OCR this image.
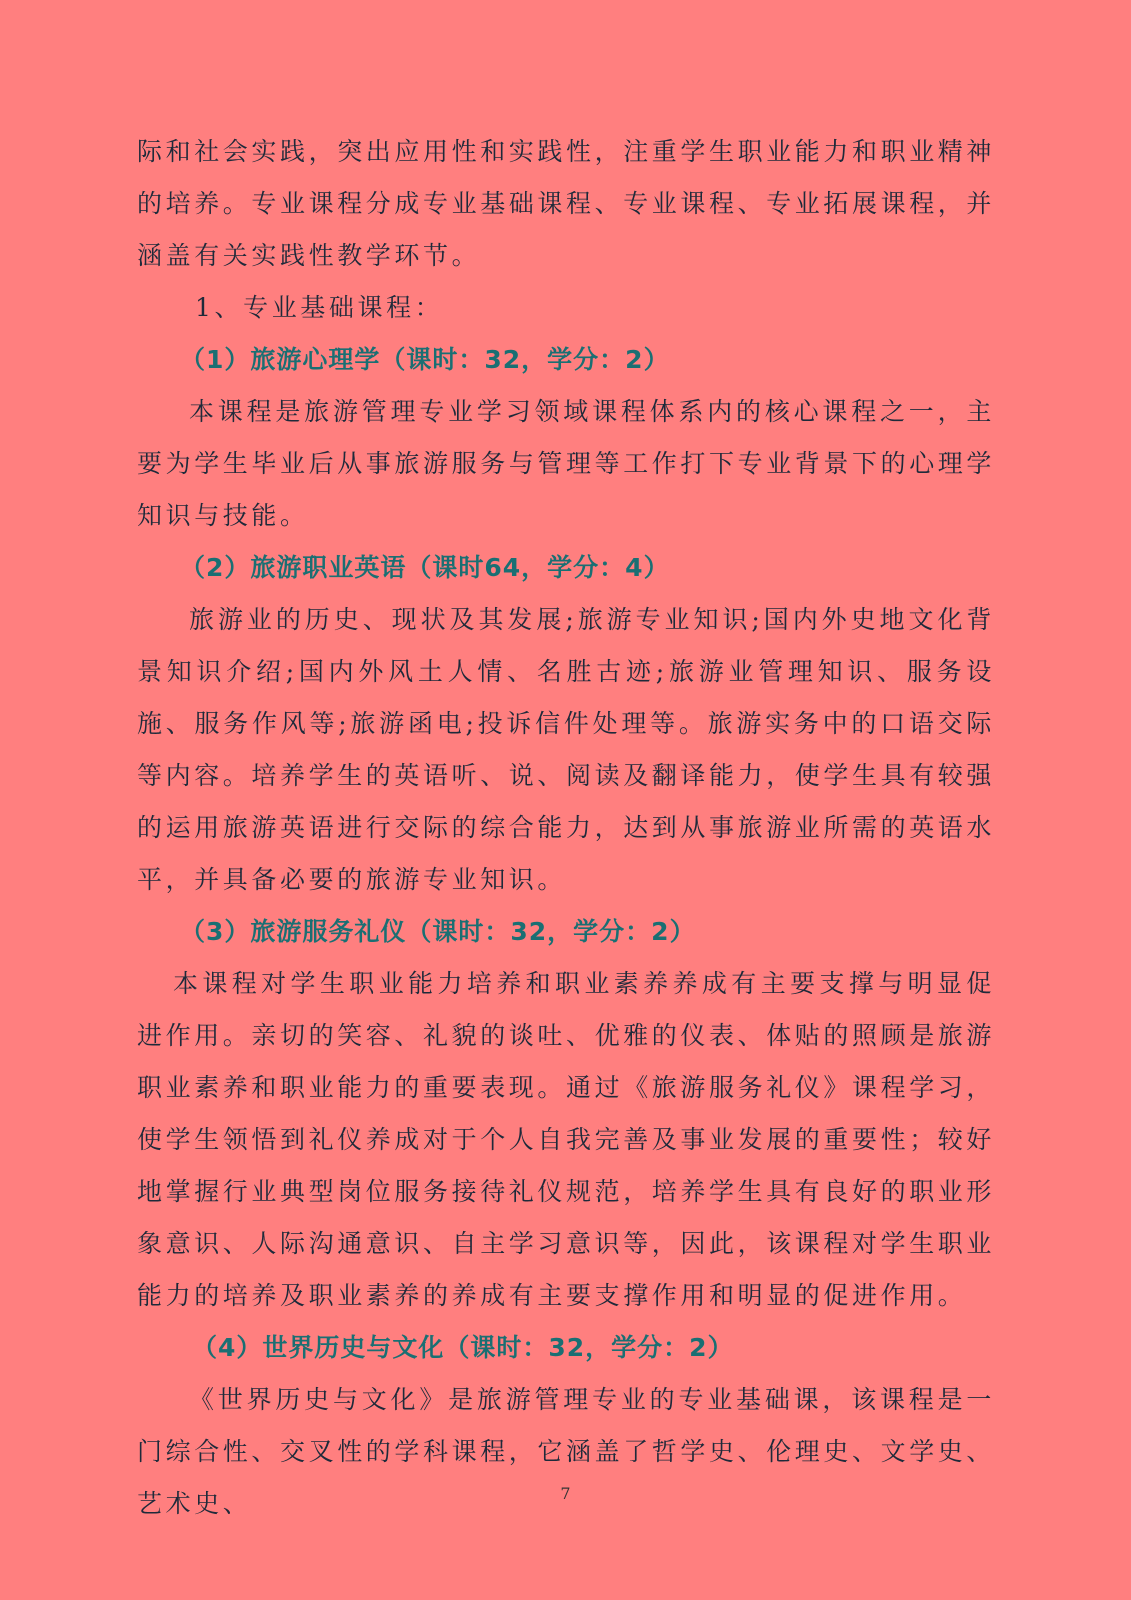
际和社会实践，突出应用性和实践性，注重学生职业能力和职业精神的培养。专业课程分成专业基础课程、专业课程、专业拓展课程，并涵盖有关实践性教学环节。

1、专业基础课程：

（1）旅游心理学（课时：32，学分：2）

本课程是旅游管理专业学习领域课程体系内的核心课程之一，主要为学生毕业后从事旅游服务与管理等工作打下专业背景下的心理学知识与技能。

（2）旅游职业英语（课时64，学分：4）

旅游业的历史、现状及其发展;旅游专业知识;国内外史地文化背景知识介绍;国内外风土人情、名胜古迹;旅游业管理知识、服务设施、服务作风等;旅游函电;投诉信件处理等。旅游实务中的口语交际等内容。培养学生的英语听、说、阅读及翻译能力，使学生具有较强的运用旅游英语进行交际的综合能力，达到从事旅游业所需的英语水平，并具备必要的旅游专业知识。

（3）旅游服务礼仪（课时：32，学分：2）

本课程对学生职业能力培养和职业素养养成有主要支撑与明显促进作用。亲切的笑容、礼貌的谈吐、优雅的仪表、体贴的照顾是旅游职业素养和职业能力的重要表现。通过《旅游服务礼仪》课程学习，使学生领悟到礼仪养成对于个人自我完善及事业发展的重要性；较好地掌握行业典型岗位服务接待礼仪规范，培养学生具有良好的职业形象意识、人际沟通意识、自主学习意识等，因此，该课程对学生职业能力的培养及职业素养的养成有主要支撑作用和明显的促进作用。

（4）世界历史与文化（课时：32，学分：2）

《世界历史与文化》是旅游管理专业的专业基础课，该课程是一门综合性、交叉性的学科课程，它涵盖了哲学史、伦理史、文学史、艺术史、	7
